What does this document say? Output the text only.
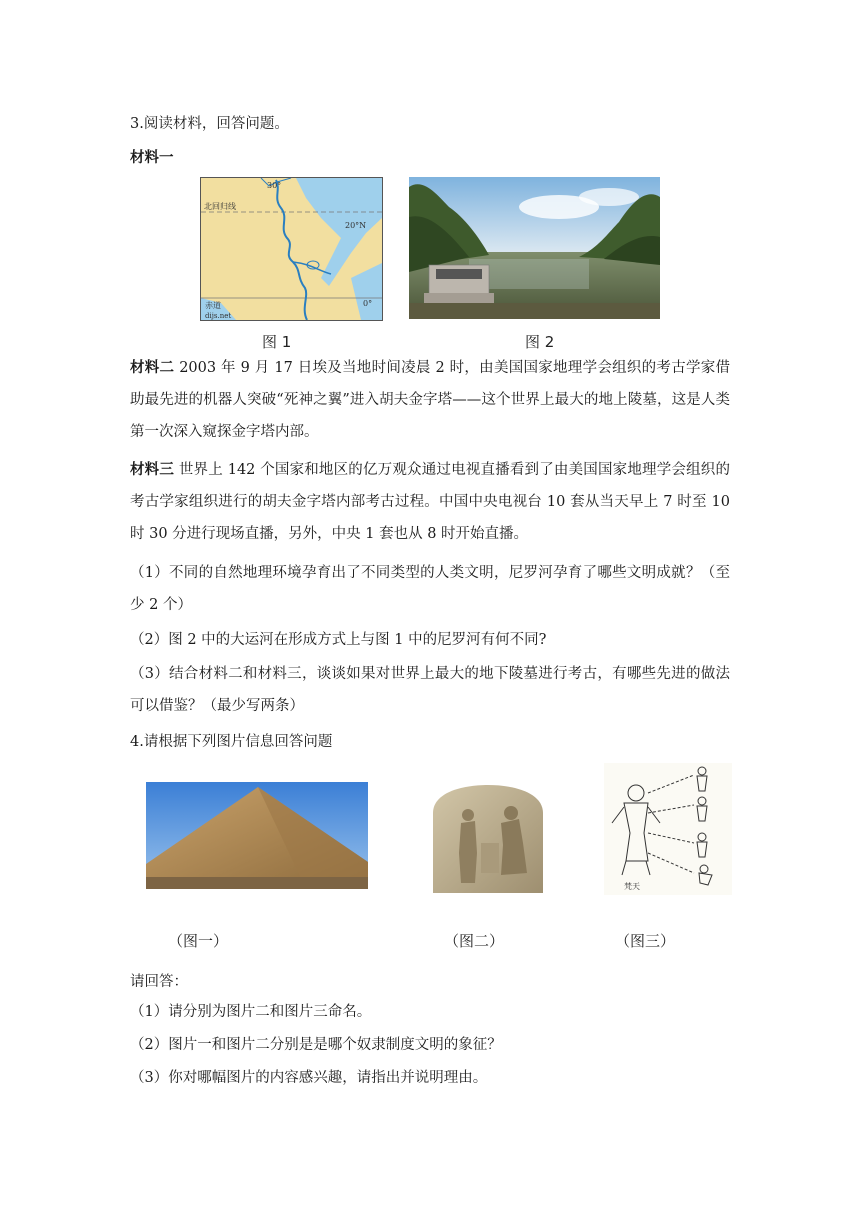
3.阅读材料，回答问题。
材料一
30°
北回归线
20°N
赤道	0°
dijs.net
图 1	图 2
材料二 2003 年 9 月 17 日埃及当地时间凌晨 2 时，由美国国家地理学会组织的考古学家借助最先进的机器人突破“死神之翼”进入胡夫金字塔——这个世界上最大的地上陵墓，这是人类第一次深入窥探金字塔内部。
材料三 世界上 142 个国家和地区的亿万观众通过电视直播看到了由美国国家地理学会组织的考古学家组织进行的胡夫金字塔内部考古过程。中国中央电视台 10 套从当天早上 7 时至 10 时 30 分进行现场直播，另外，中央 1 套也从 8 时开始直播。
（1）不同的自然地理环境孕育出了不同类型的人类文明，尼罗河孕育了哪些文明成就？（至少 2 个）
（2）图 2 中的大运河在形成方式上与图 1 中的尼罗河有何不同?
（3）结合材料二和材料三，谈谈如果对世界上最大的地下陵墓进行考古，有哪些先进的做法可以借鉴？（最少写两条）
4.请根据下列图片信息回答问题
梵天
（图一）	（图二）	（图三）
请回答：
（1）请分别为图片二和图片三命名。
（2）图片一和图片二分别是是哪个奴隶制度文明的象征？
（3）你对哪幅图片的内容感兴趣，请指出并说明理由。
